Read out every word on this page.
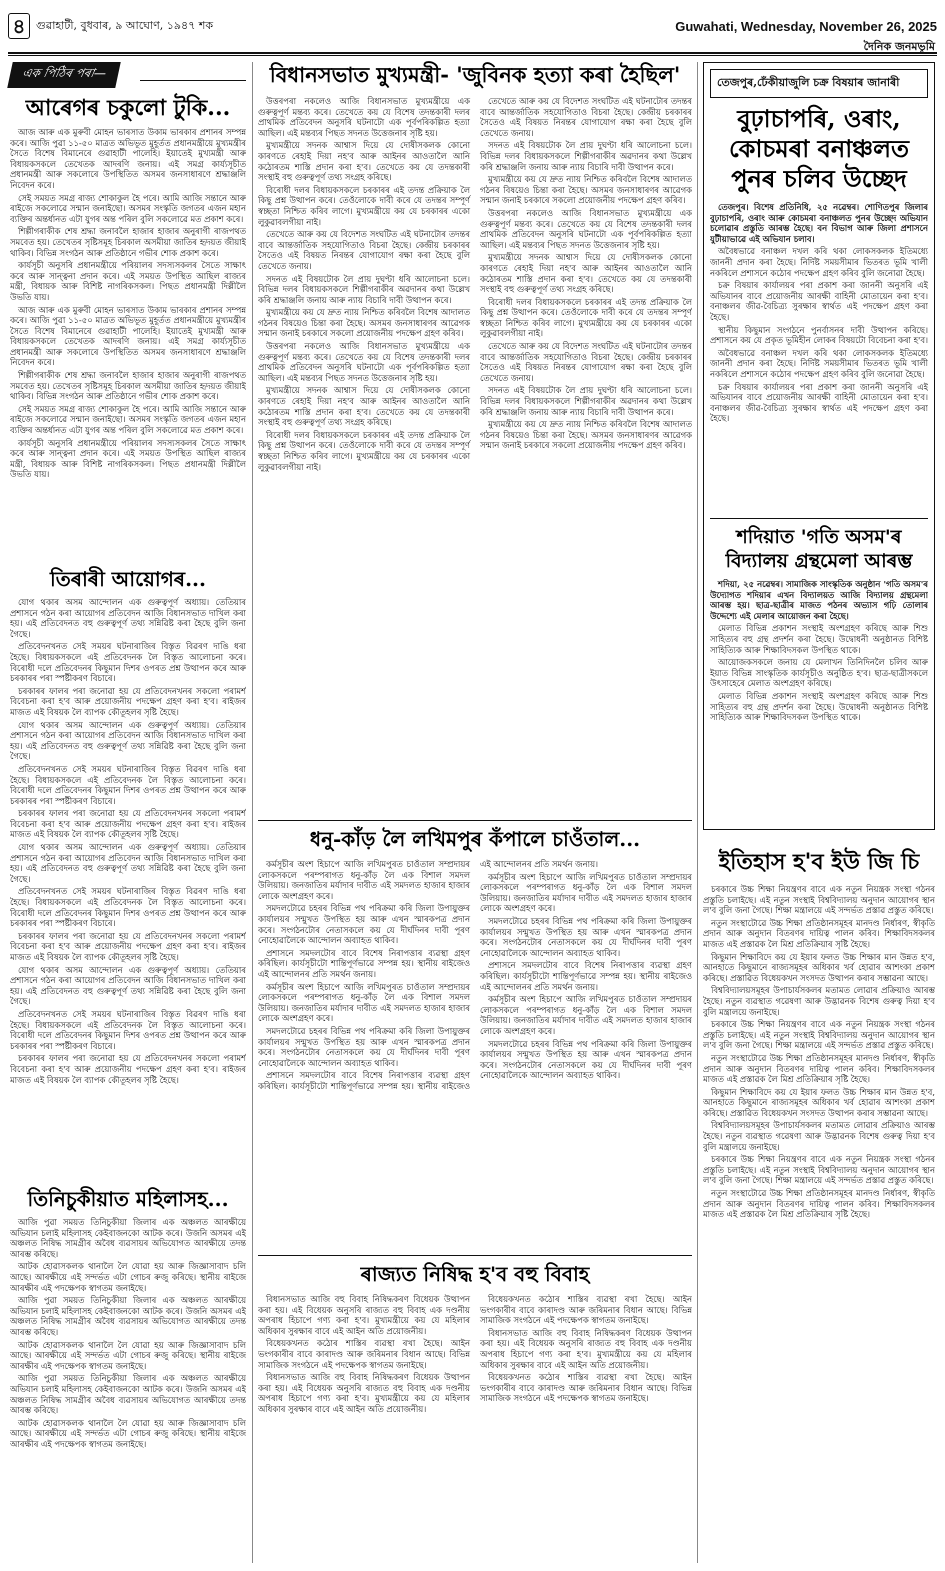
৪ গুৱাহাটী, বুধবাৰ, ৯ আঘোণ, ১৯৪৭ শক	Guwahati, Wednesday, November 26, 2025
দৈনিক জনমভূমি
এক পিঠিৰ পৰা—
আৰেগৰ চকুলো টুকি...

আজ আৰু এক মুৰুবী মোহন ভাৰসাত উকাম ভাৰকাৰ প্ৰশানৰ সম্পন্ন কৰে। আজি পুৱা ১১-৫০ মাত্ৰত অভিভূত মুহূৰ্তত প্ৰধানমন্ত্ৰীয়ে মুখ্যমন্ত্ৰীৰ সৈতে বিশেষ বিমানেৰে গুৱাহাটী পালেহি। ইয়াতেই মুখ্যমন্ত্ৰী আৰু বিধায়কসকলে তেখেতক আদৰণি জনায়। এই সমগ্ৰ কাৰ্য্যসূচীত প্ৰধানমন্ত্ৰী আৰু সকলোৰে উপস্থিতিত অসমৰ জনসাধাৰণে শ্ৰদ্ধাঞ্জলি নিবেদন কৰে।

সেই সময়ত সমগ্ৰ ৰাজ্য শোকাকুল হৈ পৰে। আমি আজি সন্তানে আৰু ৰাইজে সকলোৱে সন্মান জনাইছো। অসমৰ সংস্কৃতি জগতৰ এজন মহান ব্যক্তিৰ অন্তৰ্ধানত এটা যুগৰ অন্ত পৰিল বুলি সকলোৱে মত প্ৰকাশ কৰে।

শিল্পীগৰাকীক শেষ শ্ৰদ্ধা জনাবলৈ হাজাৰ হাজাৰ অনুৰাগী ৰাজপথত সমবেত হয়। তেখেতৰ সৃষ্টিসমূহ চিৰকাল অসমীয়া জাতিৰ হৃদয়ত জীয়াই থাকিব। বিভিন্ন সংগঠন আৰু প্ৰতিষ্ঠানে গভীৰ শোক প্ৰকাশ কৰে।

কাৰ্যসূচী অনুসৰি প্ৰধানমন্ত্ৰীয়ে পৰিয়ালৰ সদস্যসকলৰ সৈতে সাক্ষাৎ কৰে আৰু সান্ত্বনা প্ৰদান কৰে। এই সময়ত উপস্থিত আছিল ৰাজ্যৰ মন্ত্ৰী, বিধায়ক আৰু বিশিষ্ট নাগৰিকসকল। পিছত প্ৰধানমন্ত্ৰী দিল্লীলৈ উভতি যায়।

আজ আৰু এক মুৰুবী মোহন ভাৰসাত উকাম ভাৰকাৰ প্ৰশানৰ সম্পন্ন কৰে। আজি পুৱা ১১-৫০ মাত্ৰত অভিভূত মুহূৰ্তত প্ৰধানমন্ত্ৰীয়ে মুখ্যমন্ত্ৰীৰ সৈতে বিশেষ বিমানেৰে গুৱাহাটী পালেহি। ইয়াতেই মুখ্যমন্ত্ৰী আৰু বিধায়কসকলে তেখেতক আদৰণি জনায়। এই সমগ্ৰ কাৰ্য্যসূচীত প্ৰধানমন্ত্ৰী আৰু সকলোৰে উপস্থিতিত অসমৰ জনসাধাৰণে শ্ৰদ্ধাঞ্জলি নিবেদন কৰে।

শিল্পীগৰাকীক শেষ শ্ৰদ্ধা জনাবলৈ হাজাৰ হাজাৰ অনুৰাগী ৰাজপথত সমবেত হয়। তেখেতৰ সৃষ্টিসমূহ চিৰকাল অসমীয়া জাতিৰ হৃদয়ত জীয়াই থাকিব। বিভিন্ন সংগঠন আৰু প্ৰতিষ্ঠানে গভীৰ শোক প্ৰকাশ কৰে।

সেই সময়ত সমগ্ৰ ৰাজ্য শোকাকুল হৈ পৰে। আমি আজি সন্তানে আৰু ৰাইজে সকলোৱে সন্মান জনাইছো। অসমৰ সংস্কৃতি জগতৰ এজন মহান ব্যক্তিৰ অন্তৰ্ধানত এটা যুগৰ অন্ত পৰিল বুলি সকলোৱে মত প্ৰকাশ কৰে।

কাৰ্যসূচী অনুসৰি প্ৰধানমন্ত্ৰীয়ে পৰিয়ালৰ সদস্যসকলৰ সৈতে সাক্ষাৎ কৰে আৰু সান্ত্বনা প্ৰদান কৰে। এই সময়ত উপস্থিত আছিল ৰাজ্যৰ মন্ত্ৰী, বিধায়ক আৰু বিশিষ্ট নাগৰিকসকল। পিছত প্ৰধানমন্ত্ৰী দিল্লীলৈ উভতি যায়।

তিৰাৰী আয়োগৰ...

যোগ থকাৰ অসম আন্দোলন এক গুৰুত্বপূৰ্ণ অধ্যায়। তেতিয়াৰ প্ৰশাসনে গঠন কৰা আয়োগৰ প্ৰতিবেদন আজি বিধানসভাত দাখিল কৰা হয়। এই প্ৰতিবেদনত বহু গুৰুত্বপূৰ্ণ তথ্য সন্নিৱিষ্ট কৰা হৈছে বুলি জনা গৈছে।

প্ৰতিবেদনখনত সেই সময়ৰ ঘটনাৰাজিৰ বিস্তৃত বিৱৰণ দাঙি ধৰা হৈছে। বিধায়কসকলে এই প্ৰতিবেদনক লৈ বিস্তৃত আলোচনা কৰে। বিৰোধী দলে প্ৰতিবেদনৰ কিছুমান দিশৰ ওপৰত প্ৰশ্ন উত্থাপন কৰে আৰু চৰকাৰৰ পৰা স্পষ্টীকৰণ বিচাৰে।

চৰকাৰৰ ফালৰ পৰা জনোৱা হয় যে প্ৰতিবেদনখনৰ সকলো পৰামৰ্শ বিবেচনা কৰা হ'ব আৰু প্ৰয়োজনীয় পদক্ষেপ গ্ৰহণ কৰা হ'ব। ৰাইজৰ মাজত এই বিষয়ক লৈ ব্যাপক কৌতূহলৰ সৃষ্টি হৈছে।

যোগ থকাৰ অসম আন্দোলন এক গুৰুত্বপূৰ্ণ অধ্যায়। তেতিয়াৰ প্ৰশাসনে গঠন কৰা আয়োগৰ প্ৰতিবেদন আজি বিধানসভাত দাখিল কৰা হয়। এই প্ৰতিবেদনত বহু গুৰুত্বপূৰ্ণ তথ্য সন্নিৱিষ্ট কৰা হৈছে বুলি জনা গৈছে।

প্ৰতিবেদনখনত সেই সময়ৰ ঘটনাৰাজিৰ বিস্তৃত বিৱৰণ দাঙি ধৰা হৈছে। বিধায়কসকলে এই প্ৰতিবেদনক লৈ বিস্তৃত আলোচনা কৰে। বিৰোধী দলে প্ৰতিবেদনৰ কিছুমান দিশৰ ওপৰত প্ৰশ্ন উত্থাপন কৰে আৰু চৰকাৰৰ পৰা স্পষ্টীকৰণ বিচাৰে।

চৰকাৰৰ ফালৰ পৰা জনোৱা হয় যে প্ৰতিবেদনখনৰ সকলো পৰামৰ্শ বিবেচনা কৰা হ'ব আৰু প্ৰয়োজনীয় পদক্ষেপ গ্ৰহণ কৰা হ'ব। ৰাইজৰ মাজত এই বিষয়ক লৈ ব্যাপক কৌতূহলৰ সৃষ্টি হৈছে।

যোগ থকাৰ অসম আন্দোলন এক গুৰুত্বপূৰ্ণ অধ্যায়। তেতিয়াৰ প্ৰশাসনে গঠন কৰা আয়োগৰ প্ৰতিবেদন আজি বিধানসভাত দাখিল কৰা হয়। এই প্ৰতিবেদনত বহু গুৰুত্বপূৰ্ণ তথ্য সন্নিৱিষ্ট কৰা হৈছে বুলি জনা গৈছে।

প্ৰতিবেদনখনত সেই সময়ৰ ঘটনাৰাজিৰ বিস্তৃত বিৱৰণ দাঙি ধৰা হৈছে। বিধায়কসকলে এই প্ৰতিবেদনক লৈ বিস্তৃত আলোচনা কৰে। বিৰোধী দলে প্ৰতিবেদনৰ কিছুমান দিশৰ ওপৰত প্ৰশ্ন উত্থাপন কৰে আৰু চৰকাৰৰ পৰা স্পষ্টীকৰণ বিচাৰে।

চৰকাৰৰ ফালৰ পৰা জনোৱা হয় যে প্ৰতিবেদনখনৰ সকলো পৰামৰ্শ বিবেচনা কৰা হ'ব আৰু প্ৰয়োজনীয় পদক্ষেপ গ্ৰহণ কৰা হ'ব। ৰাইজৰ মাজত এই বিষয়ক লৈ ব্যাপক কৌতূহলৰ সৃষ্টি হৈছে।

যোগ থকাৰ অসম আন্দোলন এক গুৰুত্বপূৰ্ণ অধ্যায়। তেতিয়াৰ প্ৰশাসনে গঠন কৰা আয়োগৰ প্ৰতিবেদন আজি বিধানসভাত দাখিল কৰা হয়। এই প্ৰতিবেদনত বহু গুৰুত্বপূৰ্ণ তথ্য সন্নিৱিষ্ট কৰা হৈছে বুলি জনা গৈছে।

প্ৰতিবেদনখনত সেই সময়ৰ ঘটনাৰাজিৰ বিস্তৃত বিৱৰণ দাঙি ধৰা হৈছে। বিধায়কসকলে এই প্ৰতিবেদনক লৈ বিস্তৃত আলোচনা কৰে। বিৰোধী দলে প্ৰতিবেদনৰ কিছুমান দিশৰ ওপৰত প্ৰশ্ন উত্থাপন কৰে আৰু চৰকাৰৰ পৰা স্পষ্টীকৰণ বিচাৰে।

চৰকাৰৰ ফালৰ পৰা জনোৱা হয় যে প্ৰতিবেদনখনৰ সকলো পৰামৰ্শ বিবেচনা কৰা হ'ব আৰু প্ৰয়োজনীয় পদক্ষেপ গ্ৰহণ কৰা হ'ব। ৰাইজৰ মাজত এই বিষয়ক লৈ ব্যাপক কৌতূহলৰ সৃষ্টি হৈছে।

তিনিচুকীয়াত মহিলাসহ...

আজি পুৱা সময়ত তিনিচুকীয়া জিলাৰ এক অঞ্চলত আৰক্ষীয়ে অভিযান চলাই মহিলাসহ কেইবাজনকো আটক কৰে। উজনি অসমৰ এই অঞ্চলত নিষিদ্ধ সামগ্ৰীৰ অবৈধ ব্যৱসায়ৰ অভিযোগত আৰক্ষীয়ে তদন্ত আৰম্ভ কৰিছে।

আটক হোৱাসকলক থানালৈ লৈ যোৱা হয় আৰু জিজ্ঞাসাবাদ চলি আছে। আৰক্ষীয়ে এই সন্দৰ্ভত এটা গোচৰ ৰুজু কৰিছে। স্থানীয় ৰাইজে আৰক্ষীৰ এই পদক্ষেপক স্বাগতম জনাইছে।

আজি পুৱা সময়ত তিনিচুকীয়া জিলাৰ এক অঞ্চলত আৰক্ষীয়ে অভিযান চলাই মহিলাসহ কেইবাজনকো আটক কৰে। উজনি অসমৰ এই অঞ্চলত নিষিদ্ধ সামগ্ৰীৰ অবৈধ ব্যৱসায়ৰ অভিযোগত আৰক্ষীয়ে তদন্ত আৰম্ভ কৰিছে।

আটক হোৱাসকলক থানালৈ লৈ যোৱা হয় আৰু জিজ্ঞাসাবাদ চলি আছে। আৰক্ষীয়ে এই সন্দৰ্ভত এটা গোচৰ ৰুজু কৰিছে। স্থানীয় ৰাইজে আৰক্ষীৰ এই পদক্ষেপক স্বাগতম জনাইছে।

আজি পুৱা সময়ত তিনিচুকীয়া জিলাৰ এক অঞ্চলত আৰক্ষীয়ে অভিযান চলাই মহিলাসহ কেইবাজনকো আটক কৰে। উজনি অসমৰ এই অঞ্চলত নিষিদ্ধ সামগ্ৰীৰ অবৈধ ব্যৱসায়ৰ অভিযোগত আৰক্ষীয়ে তদন্ত আৰম্ভ কৰিছে।

আটক হোৱাসকলক থানালৈ লৈ যোৱা হয় আৰু জিজ্ঞাসাবাদ চলি আছে। আৰক্ষীয়ে এই সন্দৰ্ভত এটা গোচৰ ৰুজু কৰিছে। স্থানীয় ৰাইজে আৰক্ষীৰ এই পদক্ষেপক স্বাগতম জনাইছে।

বিধানসভাত মুখ্যমন্ত্ৰী- 'জুবিনক হত্যা কৰা হৈছিল'

উত্তৰপৰা নকলেও আজি বিধানসভাত মুখ্যমন্ত্ৰীয়ে এক গুৰুত্বপূৰ্ণ মন্তব্য কৰে। তেখেতে কয় যে বিশেষ তদন্তকাৰী দলৰ প্ৰাথমিক প্ৰতিবেদন অনুসৰি ঘটনাটো এক পূৰ্বপৰিকল্পিত হত্যা আছিল। এই মন্তব্যৰ পিছত সদনত উত্তেজনাৰ সৃষ্টি হয়।

মুখ্যমন্ত্ৰীয়ে সদনক আশ্বাস দিয়ে যে দোষীসকলক কোনো কাৰণতে ৰেহাই দিয়া নহ'ব আৰু আইনৰ আওতালৈ আনি কঠোৰতম শাস্তি প্ৰদান কৰা হ'ব। তেখেতে কয় যে তদন্তকাৰী সংস্থাই বহু গুৰুত্বপূৰ্ণ তথ্য সংগ্ৰহ কৰিছে।

বিৰোধী দলৰ বিধায়কসকলে চৰকাৰৰ এই তদন্ত প্ৰক্ৰিয়াক লৈ কিছু প্ৰশ্ন উত্থাপন কৰে। তেওঁলোকে দাবী কৰে যে তদন্তৰ সম্পূৰ্ণ স্বচ্ছতা নিশ্চিত কৰিব লাগে। মুখ্যমন্ত্ৰীয়ে কয় যে চৰকাৰৰ একো লুকুৱাবলগীয়া নাই।

তেখেতে আৰু কয় যে বিদেশত সংঘটিত এই ঘটনাটোৰ তদন্তৰ বাবে আন্তৰ্জাতিক সহযোগিতাও বিচৰা হৈছে। কেন্দ্ৰীয় চৰকাৰৰ সৈতেও এই বিষয়ত নিৰন্তৰ যোগাযোগ ৰক্ষা কৰা হৈছে বুলি তেখেতে জনায়।

সদনত এই বিষয়টোক লৈ প্ৰায় দুঘণ্টা ধৰি আলোচনা চলে। বিভিন্ন দলৰ বিধায়কসকলে শিল্পীগৰাকীৰ অৱদানৰ কথা উল্লেখ কৰি শ্ৰদ্ধাঞ্জলি জনায় আৰু ন্যায় বিচাৰি দাবী উত্থাপন কৰে।

মুখ্যমন্ত্ৰীয়ে কয় যে দ্ৰুত ন্যায় নিশ্চিত কৰিবলৈ বিশেষ আদালত গঠনৰ বিষয়েও চিন্তা কৰা হৈছে। অসমৰ জনসাধাৰণৰ আৱেগক সন্মান জনাই চৰকাৰে সকলো প্ৰয়োজনীয় পদক্ষেপ গ্ৰহণ কৰিব।

উত্তৰপৰা নকলেও আজি বিধানসভাত মুখ্যমন্ত্ৰীয়ে এক গুৰুত্বপূৰ্ণ মন্তব্য কৰে। তেখেতে কয় যে বিশেষ তদন্তকাৰী দলৰ প্ৰাথমিক প্ৰতিবেদন অনুসৰি ঘটনাটো এক পূৰ্বপৰিকল্পিত হত্যা আছিল। এই মন্তব্যৰ পিছত সদনত উত্তেজনাৰ সৃষ্টি হয়।

মুখ্যমন্ত্ৰীয়ে সদনক আশ্বাস দিয়ে যে দোষীসকলক কোনো কাৰণতে ৰেহাই দিয়া নহ'ব আৰু আইনৰ আওতালৈ আনি কঠোৰতম শাস্তি প্ৰদান কৰা হ'ব। তেখেতে কয় যে তদন্তকাৰী সংস্থাই বহু গুৰুত্বপূৰ্ণ তথ্য সংগ্ৰহ কৰিছে।

বিৰোধী দলৰ বিধায়কসকলে চৰকাৰৰ এই তদন্ত প্ৰক্ৰিয়াক লৈ কিছু প্ৰশ্ন উত্থাপন কৰে। তেওঁলোকে দাবী কৰে যে তদন্তৰ সম্পূৰ্ণ স্বচ্ছতা নিশ্চিত কৰিব লাগে। মুখ্যমন্ত্ৰীয়ে কয় যে চৰকাৰৰ একো লুকুৱাবলগীয়া নাই।

তেখেতে আৰু কয় যে বিদেশত সংঘটিত এই ঘটনাটোৰ তদন্তৰ বাবে আন্তৰ্জাতিক সহযোগিতাও বিচৰা হৈছে। কেন্দ্ৰীয় চৰকাৰৰ সৈতেও এই বিষয়ত নিৰন্তৰ যোগাযোগ ৰক্ষা কৰা হৈছে বুলি তেখেতে জনায়।

সদনত এই বিষয়টোক লৈ প্ৰায় দুঘণ্টা ধৰি আলোচনা চলে। বিভিন্ন দলৰ বিধায়কসকলে শিল্পীগৰাকীৰ অৱদানৰ কথা উল্লেখ কৰি শ্ৰদ্ধাঞ্জলি জনায় আৰু ন্যায় বিচাৰি দাবী উত্থাপন কৰে।

মুখ্যমন্ত্ৰীয়ে কয় যে দ্ৰুত ন্যায় নিশ্চিত কৰিবলৈ বিশেষ আদালত গঠনৰ বিষয়েও চিন্তা কৰা হৈছে। অসমৰ জনসাধাৰণৰ আৱেগক সন্মান জনাই চৰকাৰে সকলো প্ৰয়োজনীয় পদক্ষেপ গ্ৰহণ কৰিব।

উত্তৰপৰা নকলেও আজি বিধানসভাত মুখ্যমন্ত্ৰীয়ে এক গুৰুত্বপূৰ্ণ মন্তব্য কৰে। তেখেতে কয় যে বিশেষ তদন্তকাৰী দলৰ প্ৰাথমিক প্ৰতিবেদন অনুসৰি ঘটনাটো এক পূৰ্বপৰিকল্পিত হত্যা আছিল। এই মন্তব্যৰ পিছত সদনত উত্তেজনাৰ সৃষ্টি হয়।

মুখ্যমন্ত্ৰীয়ে সদনক আশ্বাস দিয়ে যে দোষীসকলক কোনো কাৰণতে ৰেহাই দিয়া নহ'ব আৰু আইনৰ আওতালৈ আনি কঠোৰতম শাস্তি প্ৰদান কৰা হ'ব। তেখেতে কয় যে তদন্তকাৰী সংস্থাই বহু গুৰুত্বপূৰ্ণ তথ্য সংগ্ৰহ কৰিছে।

বিৰোধী দলৰ বিধায়কসকলে চৰকাৰৰ এই তদন্ত প্ৰক্ৰিয়াক লৈ কিছু প্ৰশ্ন উত্থাপন কৰে। তেওঁলোকে দাবী কৰে যে তদন্তৰ সম্পূৰ্ণ স্বচ্ছতা নিশ্চিত কৰিব লাগে। মুখ্যমন্ত্ৰীয়ে কয় যে চৰকাৰৰ একো লুকুৱাবলগীয়া নাই।

তেখেতে আৰু কয় যে বিদেশত সংঘটিত এই ঘটনাটোৰ তদন্তৰ বাবে আন্তৰ্জাতিক সহযোগিতাও বিচৰা হৈছে। কেন্দ্ৰীয় চৰকাৰৰ সৈতেও এই বিষয়ত নিৰন্তৰ যোগাযোগ ৰক্ষা কৰা হৈছে বুলি তেখেতে জনায়।

সদনত এই বিষয়টোক লৈ প্ৰায় দুঘণ্টা ধৰি আলোচনা চলে। বিভিন্ন দলৰ বিধায়কসকলে শিল্পীগৰাকীৰ অৱদানৰ কথা উল্লেখ কৰি শ্ৰদ্ধাঞ্জলি জনায় আৰু ন্যায় বিচাৰি দাবী উত্থাপন কৰে।

মুখ্যমন্ত্ৰীয়ে কয় যে দ্ৰুত ন্যায় নিশ্চিত কৰিবলৈ বিশেষ আদালত গঠনৰ বিষয়েও চিন্তা কৰা হৈছে। অসমৰ জনসাধাৰণৰ আৱেগক সন্মান জনাই চৰকাৰে সকলো প্ৰয়োজনীয় পদক্ষেপ গ্ৰহণ কৰিব।

ধনু-কাঁড় লৈ লখিমপুৰ কঁপালে চাওঁতাল...

কৰ্মসূচীৰ অংশ হিচাপে আজি লখিমপুৰত চাওঁতাল সম্প্ৰদায়ৰ লোকসকলে পৰম্পৰাগত ধনু-কাঁড় লৈ এক বিশাল সমদল উলিয়ায়। জনজাতিৰ মৰ্যাদাৰ দাবীত এই সমদলত হাজাৰ হাজাৰ লোকে অংশগ্ৰহণ কৰে।

সমদলটোৱে চহৰৰ বিভিন্ন পথ পৰিক্ৰমা কৰি জিলা উপায়ুক্তৰ কাৰ্যালয়ৰ সন্মুখত উপস্থিত হয় আৰু এখন স্মাৰকপত্ৰ প্ৰদান কৰে। সংগঠনটোৰ নেতাসকলে কয় যে দীৰ্ঘদিনৰ দাবী পূৰণ নোহোৱালৈকে আন্দোলন অব্যাহত থাকিব।

প্ৰশাসনে সমদলটোৰ বাবে বিশেষ নিৰাপত্তাৰ ব্যৱস্থা গ্ৰহণ কৰিছিল। কাৰ্যসূচীটো শান্তিপূৰ্ণভাৱে সম্পন্ন হয়। স্থানীয় ৰাইজেও এই আন্দোলনৰ প্ৰতি সমৰ্থন জনায়।

কৰ্মসূচীৰ অংশ হিচাপে আজি লখিমপুৰত চাওঁতাল সম্প্ৰদায়ৰ লোকসকলে পৰম্পৰাগত ধনু-কাঁড় লৈ এক বিশাল সমদল উলিয়ায়। জনজাতিৰ মৰ্যাদাৰ দাবীত এই সমদলত হাজাৰ হাজাৰ লোকে অংশগ্ৰহণ কৰে।

সমদলটোৱে চহৰৰ বিভিন্ন পথ পৰিক্ৰমা কৰি জিলা উপায়ুক্তৰ কাৰ্যালয়ৰ সন্মুখত উপস্থিত হয় আৰু এখন স্মাৰকপত্ৰ প্ৰদান কৰে। সংগঠনটোৰ নেতাসকলে কয় যে দীৰ্ঘদিনৰ দাবী পূৰণ নোহোৱালৈকে আন্দোলন অব্যাহত থাকিব।

প্ৰশাসনে সমদলটোৰ বাবে বিশেষ নিৰাপত্তাৰ ব্যৱস্থা গ্ৰহণ কৰিছিল। কাৰ্যসূচীটো শান্তিপূৰ্ণভাৱে সম্পন্ন হয়। স্থানীয় ৰাইজেও এই আন্দোলনৰ প্ৰতি সমৰ্থন জনায়।

কৰ্মসূচীৰ অংশ হিচাপে আজি লখিমপুৰত চাওঁতাল সম্প্ৰদায়ৰ লোকসকলে পৰম্পৰাগত ধনু-কাঁড় লৈ এক বিশাল সমদল উলিয়ায়। জনজাতিৰ মৰ্যাদাৰ দাবীত এই সমদলত হাজাৰ হাজাৰ লোকে অংশগ্ৰহণ কৰে।

সমদলটোৱে চহৰৰ বিভিন্ন পথ পৰিক্ৰমা কৰি জিলা উপায়ুক্তৰ কাৰ্যালয়ৰ সন্মুখত উপস্থিত হয় আৰু এখন স্মাৰকপত্ৰ প্ৰদান কৰে। সংগঠনটোৰ নেতাসকলে কয় যে দীৰ্ঘদিনৰ দাবী পূৰণ নোহোৱালৈকে আন্দোলন অব্যাহত থাকিব।

প্ৰশাসনে সমদলটোৰ বাবে বিশেষ নিৰাপত্তাৰ ব্যৱস্থা গ্ৰহণ কৰিছিল। কাৰ্যসূচীটো শান্তিপূৰ্ণভাৱে সম্পন্ন হয়। স্থানীয় ৰাইজেও এই আন্দোলনৰ প্ৰতি সমৰ্থন জনায়।

কৰ্মসূচীৰ অংশ হিচাপে আজি লখিমপুৰত চাওঁতাল সম্প্ৰদায়ৰ লোকসকলে পৰম্পৰাগত ধনু-কাঁড় লৈ এক বিশাল সমদল উলিয়ায়। জনজাতিৰ মৰ্যাদাৰ দাবীত এই সমদলত হাজাৰ হাজাৰ লোকে অংশগ্ৰহণ কৰে।

সমদলটোৱে চহৰৰ বিভিন্ন পথ পৰিক্ৰমা কৰি জিলা উপায়ুক্তৰ কাৰ্যালয়ৰ সন্মুখত উপস্থিত হয় আৰু এখন স্মাৰকপত্ৰ প্ৰদান কৰে। সংগঠনটোৰ নেতাসকলে কয় যে দীৰ্ঘদিনৰ দাবী পূৰণ নোহোৱালৈকে আন্দোলন অব্যাহত থাকিব।

ৰাজ্যত নিষিদ্ধ হ'ব বহু বিবাহ

বিধানসভাত আজি বহু বিবাহ নিষিদ্ধকৰণ বিধেয়ক উত্থাপন কৰা হয়। এই বিধেয়ক অনুসৰি ৰাজ্যত বহু বিবাহ এক দণ্ডনীয় অপৰাধ হিচাপে গণ্য কৰা হ'ব। মুখ্যমন্ত্ৰীয়ে কয় যে মহিলাৰ অধিকাৰ সুৰক্ষাৰ বাবে এই আইন অতি প্ৰয়োজনীয়।

বিধেয়কখনত কঠোৰ শাস্তিৰ ব্যৱস্থা ৰখা হৈছে। আইন ভংগকাৰীৰ বাবে কাৰাদণ্ড আৰু জৰিমনাৰ বিধান আছে। বিভিন্ন সামাজিক সংগঠনে এই পদক্ষেপক স্বাগতম জনাইছে।

বিধানসভাত আজি বহু বিবাহ নিষিদ্ধকৰণ বিধেয়ক উত্থাপন কৰা হয়। এই বিধেয়ক অনুসৰি ৰাজ্যত বহু বিবাহ এক দণ্ডনীয় অপৰাধ হিচাপে গণ্য কৰা হ'ব। মুখ্যমন্ত্ৰীয়ে কয় যে মহিলাৰ অধিকাৰ সুৰক্ষাৰ বাবে এই আইন অতি প্ৰয়োজনীয়।

বিধেয়কখনত কঠোৰ শাস্তিৰ ব্যৱস্থা ৰখা হৈছে। আইন ভংগকাৰীৰ বাবে কাৰাদণ্ড আৰু জৰিমনাৰ বিধান আছে। বিভিন্ন সামাজিক সংগঠনে এই পদক্ষেপক স্বাগতম জনাইছে।

বিধানসভাত আজি বহু বিবাহ নিষিদ্ধকৰণ বিধেয়ক উত্থাপন কৰা হয়। এই বিধেয়ক অনুসৰি ৰাজ্যত বহু বিবাহ এক দণ্ডনীয় অপৰাধ হিচাপে গণ্য কৰা হ'ব। মুখ্যমন্ত্ৰীয়ে কয় যে মহিলাৰ অধিকাৰ সুৰক্ষাৰ বাবে এই আইন অতি প্ৰয়োজনীয়।

বিধেয়কখনত কঠোৰ শাস্তিৰ ব্যৱস্থা ৰখা হৈছে। আইন ভংগকাৰীৰ বাবে কাৰাদণ্ড আৰু জৰিমনাৰ বিধান আছে। বিভিন্ন সামাজিক সংগঠনে এই পদক্ষেপক স্বাগতম জনাইছে।

তেজপুৰ,ঢেঁকীয়াজুলি চক্ৰ বিষয়াৰ জানাৰী
বুঢ়াচাপৰি, ওৰাং, কোচমৰা বনাঞ্চলত পুনৰ চলিব উচ্ছেদ

তেজপুৰ। বিশেষ প্ৰতিনিধি, ২৫ নৱেম্বৰ। শোণিতপুৰ জিলাৰ বুঢ়াচাপৰি, ওৰাং আৰু কোচমৰা বনাঞ্চলত পুনৰ উচ্ছেদ অভিযান চলোৱাৰ প্ৰস্তুতি আৰম্ভ হৈছে। বন বিভাগ আৰু জিলা প্ৰশাসনে যুটীয়াভাৱে এই অভিযান চলাব।

অবৈধভাৱে বনাঞ্চল দখল কৰি থকা লোকসকলক ইতিমধ্যে জাননী প্ৰদান কৰা হৈছে। নিৰ্দিষ্ট সময়সীমাৰ ভিতৰত ভূমি খালী নকৰিলে প্ৰশাসনে কঠোৰ পদক্ষেপ গ্ৰহণ কৰিব বুলি জনোৱা হৈছে।

চক্ৰ বিষয়াৰ কাৰ্যালয়ৰ পৰা প্ৰকাশ কৰা জাননী অনুসৰি এই অভিযানৰ বাবে প্ৰয়োজনীয় আৰক্ষী বাহিনী মোতায়েন কৰা হ'ব। বনাঞ্চলৰ জীৱ-বৈচিত্ৰ্য সুৰক্ষাৰ স্বাৰ্থত এই পদক্ষেপ গ্ৰহণ কৰা হৈছে।

স্থানীয় কিছুমান সংগঠনে পুনৰ্বাসনৰ দাবী উত্থাপন কৰিছে। প্ৰশাসনে কয় যে প্ৰকৃত ভূমিহীন লোকৰ বিষয়টো বিবেচনা কৰা হ'ব।

অবৈধভাৱে বনাঞ্চল দখল কৰি থকা লোকসকলক ইতিমধ্যে জাননী প্ৰদান কৰা হৈছে। নিৰ্দিষ্ট সময়সীমাৰ ভিতৰত ভূমি খালী নকৰিলে প্ৰশাসনে কঠোৰ পদক্ষেপ গ্ৰহণ কৰিব বুলি জনোৱা হৈছে।

চক্ৰ বিষয়াৰ কাৰ্যালয়ৰ পৰা প্ৰকাশ কৰা জাননী অনুসৰি এই অভিযানৰ বাবে প্ৰয়োজনীয় আৰক্ষী বাহিনী মোতায়েন কৰা হ'ব। বনাঞ্চলৰ জীৱ-বৈচিত্ৰ্য সুৰক্ষাৰ স্বাৰ্থত এই পদক্ষেপ গ্ৰহণ কৰা হৈছে।

শদিয়াত 'গতি অসম'ৰ বিদ্যালয় গ্ৰন্থমেলা আৰম্ভ

শদিয়া, ২৫ নৱেম্বৰ। সামাজিক সাংস্কৃতিক অনুষ্ঠান 'গতি অসম'ৰ উদ্যোগত শদিয়াৰ এখন বিদ্যালয়ত আজি বিদ্যালয় গ্ৰন্থমেলা আৰম্ভ হয়। ছাত্ৰ-ছাত্ৰীৰ মাজত পঠনৰ অভ্যাস গঢ়ি তোলাৰ উদ্দেশ্যে এই মেলাৰ আয়োজন কৰা হৈছে।

মেলাত বিভিন্ন প্ৰকাশন সংস্থাই অংশগ্ৰহণ কৰিছে আৰু শিশু সাহিত্যৰ বহু গ্ৰন্থ প্ৰদৰ্শন কৰা হৈছে। উদ্বোধনী অনুষ্ঠানত বিশিষ্ট সাহিত্যিক আৰু শিক্ষাবিদসকল উপস্থিত থাকে।

আয়োজকসকলে জনায় যে মেলাখন তিনিদিনলৈ চলিব আৰু ইয়াত বিভিন্ন সাংস্কৃতিক কাৰ্যসূচীও অনুষ্ঠিত হ'ব। ছাত্ৰ-ছাত্ৰীসকলে উৎসাহেৰে মেলাত অংশগ্ৰহণ কৰিছে।

মেলাত বিভিন্ন প্ৰকাশন সংস্থাই অংশগ্ৰহণ কৰিছে আৰু শিশু সাহিত্যৰ বহু গ্ৰন্থ প্ৰদৰ্শন কৰা হৈছে। উদ্বোধনী অনুষ্ঠানত বিশিষ্ট সাহিত্যিক আৰু শিক্ষাবিদসকল উপস্থিত থাকে।

ইতিহাস হ'ব ইউ জি চি

চৰকাৰে উচ্চ শিক্ষা নিয়ন্ত্ৰণৰ বাবে এক নতুন নিয়ন্ত্ৰক সংস্থা গঠনৰ প্ৰস্তুতি চলাইছে। এই নতুন সংস্থাই বিশ্ববিদ্যালয় অনুদান আয়োগৰ স্থান ল'ব বুলি জনা গৈছে। শিক্ষা মন্ত্ৰালয়ে এই সন্দৰ্ভত প্ৰস্তাৱ প্ৰস্তুত কৰিছে।

নতুন সংস্থাটোৱে উচ্চ শিক্ষা প্ৰতিষ্ঠানসমূহৰ মানদণ্ড নিৰ্ধাৰণ, স্বীকৃতি প্ৰদান আৰু অনুদান বিতৰণৰ দায়িত্ব পালন কৰিব। শিক্ষাবিদসকলৰ মাজত এই প্ৰস্তাৱক লৈ মিশ্ৰ প্ৰতিক্ৰিয়াৰ সৃষ্টি হৈছে।

কিছুমান শিক্ষাবিদে কয় যে ইয়াৰ ফলত উচ্চ শিক্ষাৰ মান উন্নত হ'ব, আনহাতে কিছুমানে ৰাজ্যসমূহৰ অধিকাৰ খৰ্ব হোৱাৰ আশংকা প্ৰকাশ কৰিছে। প্ৰস্তাৱিত বিধেয়কখন সংসদত উত্থাপন কৰাৰ সম্ভাৱনা আছে।

বিশ্ববিদ্যালয়সমূহৰ উপাচাৰ্যসকলৰ মতামত লোৱাৰ প্ৰক্ৰিয়াও আৰম্ভ হৈছে। নতুন ব্যৱস্থাত গৱেষণা আৰু উদ্ভাৱনক বিশেষ গুৰুত্ব দিয়া হ'ব বুলি মন্ত্ৰালয়ে জনাইছে।

চৰকাৰে উচ্চ শিক্ষা নিয়ন্ত্ৰণৰ বাবে এক নতুন নিয়ন্ত্ৰক সংস্থা গঠনৰ প্ৰস্তুতি চলাইছে। এই নতুন সংস্থাই বিশ্ববিদ্যালয় অনুদান আয়োগৰ স্থান ল'ব বুলি জনা গৈছে। শিক্ষা মন্ত্ৰালয়ে এই সন্দৰ্ভত প্ৰস্তাৱ প্ৰস্তুত কৰিছে।

নতুন সংস্থাটোৱে উচ্চ শিক্ষা প্ৰতিষ্ঠানসমূহৰ মানদণ্ড নিৰ্ধাৰণ, স্বীকৃতি প্ৰদান আৰু অনুদান বিতৰণৰ দায়িত্ব পালন কৰিব। শিক্ষাবিদসকলৰ মাজত এই প্ৰস্তাৱক লৈ মিশ্ৰ প্ৰতিক্ৰিয়াৰ সৃষ্টি হৈছে।

কিছুমান শিক্ষাবিদে কয় যে ইয়াৰ ফলত উচ্চ শিক্ষাৰ মান উন্নত হ'ব, আনহাতে কিছুমানে ৰাজ্যসমূহৰ অধিকাৰ খৰ্ব হোৱাৰ আশংকা প্ৰকাশ কৰিছে। প্ৰস্তাৱিত বিধেয়কখন সংসদত উত্থাপন কৰাৰ সম্ভাৱনা আছে।

বিশ্ববিদ্যালয়সমূহৰ উপাচাৰ্যসকলৰ মতামত লোৱাৰ প্ৰক্ৰিয়াও আৰম্ভ হৈছে। নতুন ব্যৱস্থাত গৱেষণা আৰু উদ্ভাৱনক বিশেষ গুৰুত্ব দিয়া হ'ব বুলি মন্ত্ৰালয়ে জনাইছে।

চৰকাৰে উচ্চ শিক্ষা নিয়ন্ত্ৰণৰ বাবে এক নতুন নিয়ন্ত্ৰক সংস্থা গঠনৰ প্ৰস্তুতি চলাইছে। এই নতুন সংস্থাই বিশ্ববিদ্যালয় অনুদান আয়োগৰ স্থান ল'ব বুলি জনা গৈছে। শিক্ষা মন্ত্ৰালয়ে এই সন্দৰ্ভত প্ৰস্তাৱ প্ৰস্তুত কৰিছে।

নতুন সংস্থাটোৱে উচ্চ শিক্ষা প্ৰতিষ্ঠানসমূহৰ মানদণ্ড নিৰ্ধাৰণ, স্বীকৃতি প্ৰদান আৰু অনুদান বিতৰণৰ দায়িত্ব পালন কৰিব। শিক্ষাবিদসকলৰ মাজত এই প্ৰস্তাৱক লৈ মিশ্ৰ প্ৰতিক্ৰিয়াৰ সৃষ্টি হৈছে।
